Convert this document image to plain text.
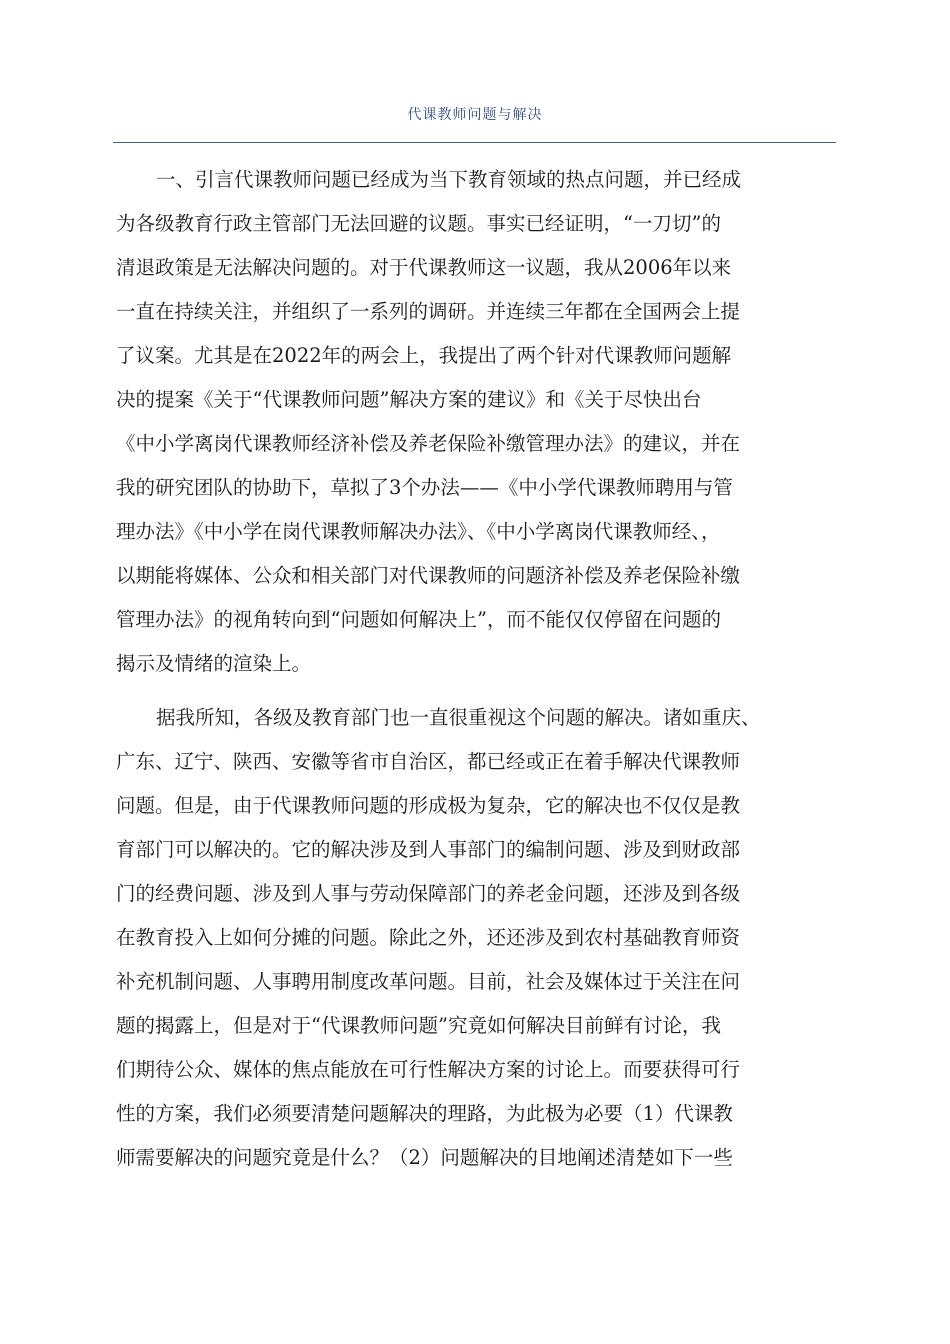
代课教师问题与解决
一、引言代课教师问题已经成为当下教育领域的热点问题，并已经成
为各级教育行政主管部门无法回避的议题。事实已经证明，“一刀切”的
清退政策是无法解决问题的。对于代课教师这一议题，我从2006年以来
一直在持续关注，并组织了一系列的调研。并连续三年都在全国两会上提
了议案。尤其是在2022年的两会上，我提出了两个针对代课教师问题解
决的提案《关于“代课教师问题”解决方案的建议》和《关于尽快出台
《中小学离岗代课教师经济补偿及养老保险补缴管理办法》的建议，并在
我的研究团队的协助下，草拟了3个办法——《中小学代课教师聘用与管
理办法》《中小学在岗代课教师解决办法》、《中小学离岗代课教师经、，
以期能将媒体、公众和相关部门对代课教师的问题济补偿及养老保险补缴
管理办法》的视角转向到“问题如何解决上”，而不能仅仅停留在问题的
揭示及情绪的渲染上。
据我所知，各级及教育部门也一直很重视这个问题的解决。诸如重庆、
广东、辽宁、陕西、安徽等省市自治区，都已经或正在着手解决代课教师
问题。但是，由于代课教师问题的形成极为复杂，它的解决也不仅仅是教
育部门可以解决的。它的解决涉及到人事部门的编制问题、涉及到财政部
门的经费问题、涉及到人事与劳动保障部门的养老金问题，还涉及到各级
在教育投入上如何分摊的问题。除此之外，还还涉及到农村基础教育师资
补充机制问题、人事聘用制度改革问题。目前，社会及媒体过于关注在问
题的揭露上，但是对于“代课教师问题”究竟如何解决目前鲜有讨论，我
们期待公众、媒体的焦点能放在可行性解决方案的讨论上。而要获得可行
性的方案，我们必须要清楚问题解决的理路，为此极为必要（1）代课教
师需要解决的问题究竟是什么？（2）问题解决的目地阐述清楚如下一些
